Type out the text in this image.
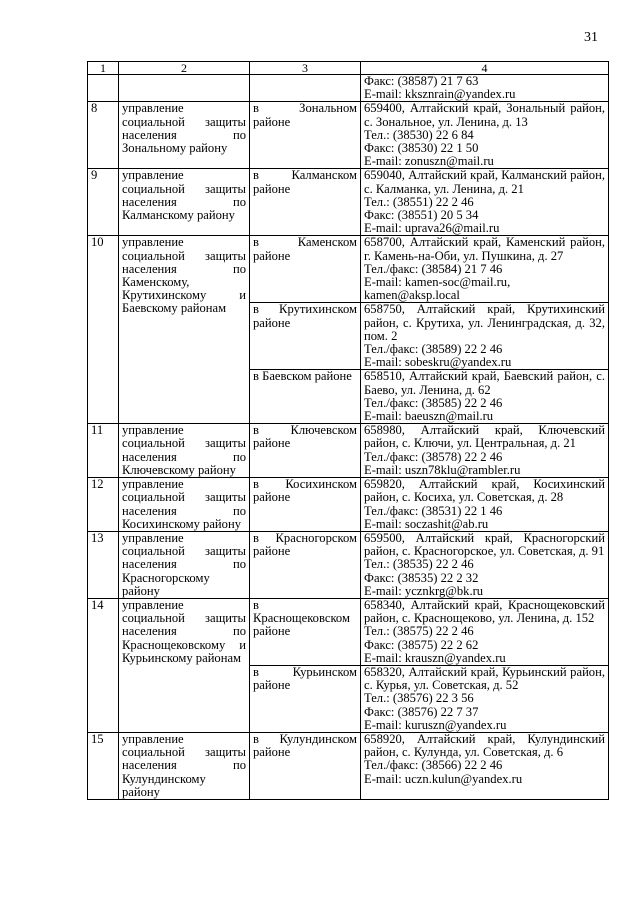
31
1	2	3	4

			Факс: (38587) 21 7 63
E-mail: kksznrain@yandex.ru

8	управление социальной защиты населения по Зональному району	в Зональном районе	659400, Алтайский край, Зональный район, с. Зональное, ул. Ленина, д. 13
Тел.: (38530) 22 6 84
Факс: (38530) 22 1 50
E-mail: zonuszn@mail.ru

9	управление социальной защиты населения по Калманскому району	в Калманском районе	659040, Алтайский край, Калманский район, с. Калманка, ул. Ленина, д. 21
Тел.: (38551) 22 2 46
Факс: (38551) 20 5 34
E-mail: uprava26@mail.ru

10	управление социальной защиты населения по Каменскому, Крутихинскому и Баевскому районам	в Каменском районе	658700, Алтайский край, Каменский район, г. Камень-на-Оби, ул. Пушкина, д. 27
Тел./факс: (38584) 21 7 46
E-mail: kamen-soc@mail.ru,
kamen@aksp.local

		в Крутихинском районе	658750, Алтайский край, Крутихинский район, с. Крутиха, ул. Ленинградская, д. 32, пом. 2
Тел./факс: (38589) 22 2 46
E-mail: sobeskru@yandex.ru

		в Баевском районе	658510, Алтайский край, Баевский район, с. Баево, ул. Ленина, д. 62
Тел./факс: (38585) 22 2 46
E-mail: baeuszn@mail.ru

11	управление социальной защиты населения по Ключевскому району	в Ключевском районе	658980, Алтайский край, Ключевский район, с. Ключи, ул. Центральная, д. 21
Тел./факс: (38578) 22 2 46
E-mail: uszn78klu@rambler.ru

12	управление социальной защиты населения по Косихинскому району	в Косихинском районе	659820, Алтайский край, Косихинский район, с. Косиха, ул. Советская, д. 28
Тел./факс: (38531) 22 1 46
E-mail: soczashit@ab.ru

13	управление социальной защиты населения по Красногорскому району	в Красногорском районе	659500, Алтайский край, Красногорский район, с. Красногорское, ул. Советская, д. 91
Тел.: (38535) 22 2 46
Факс: (38535) 22 2 32
E-mail: ycznkrg@bk.ru

14	управление социальной защиты населения по Краснощековскому и Курьинскому районам	в Краснощековском районе	658340, Алтайский край, Краснощековский район, с. Краснощеково, ул. Ленина, д. 152
Тел.: (38575) 22 2 46
Факс: (38575) 22 2 62
E-mail: krauszn@yandex.ru

		в Курьинском районе	658320, Алтайский край, Курьинский район, с. Курья, ул. Советская, д. 52
Тел.: (38576) 22 3 56
Факс: (38576) 22 7 37
E-mail: kuruszn@yandex.ru

15	управление социальной защиты населения по Кулундинскому району	в Кулундинском районе	658920, Алтайский край, Кулундинский район, с. Кулунда, ул. Советская, д. 6
Тел./факс: (38566) 22 2 46
E-mail: uczn.kulun@yandex.ru
